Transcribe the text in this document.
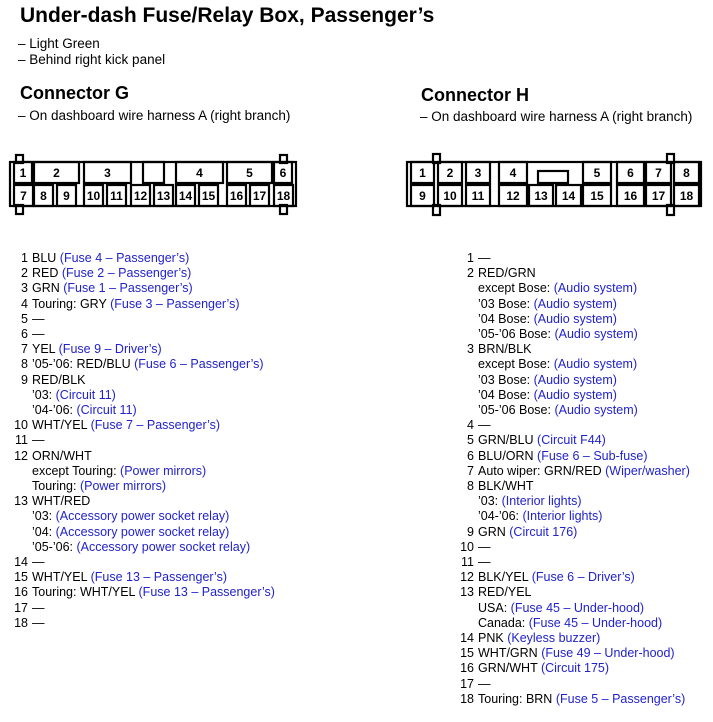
Under-dash Fuse/Relay Box, Passenger’s
– Light Green
– Behind right kick panel
Connector G
– On dashboard wire harness A (right branch)
Connector H
– On dashboard wire harness A (right branch)
1 2	3	4	5 6
7 8 9 10 11 12 13 14 15 16 17 18
1 2 3 4	5 6 7 8
9 10 11 12 13 14 15 16 17 18
1 BLU (Fuse 4 – Passenger’s)
2 RED (Fuse 2 – Passenger’s)
3 GRN (Fuse 1 – Passenger’s)
4 Touring: GRY (Fuse 3 – Passenger’s)
5 —
6 —
7 YEL (Fuse 9 – Driver’s)
8 ’05-’06: RED/BLU (Fuse 6 – Passenger’s)
9 RED/BLK
’03: (Circuit 11)
’04-’06: (Circuit 11)
10 WHT/YEL (Fuse 7 – Passenger’s)
11 —
12 ORN/WHT
except Touring: (Power mirrors)
Touring: (Power mirrors)
13 WHT/RED
’03: (Accessory power socket relay)
’04: (Accessory power socket relay)
’05-’06: (Accessory power socket relay)
14 —
15 WHT/YEL (Fuse 13 – Passenger’s)
16 Touring: WHT/YEL (Fuse 13 – Passenger’s)
17 —
18 —
1 —
2 RED/GRN
except Bose: (Audio system)
’03 Bose: (Audio system)
’04 Bose: (Audio system)
’05-’06 Bose: (Audio system)
3 BRN/BLK
except Bose: (Audio system)
’03 Bose: (Audio system)
’04 Bose: (Audio system)
’05-’06 Bose: (Audio system)
4 —
5 GRN/BLU (Circuit F44)
6 BLU/ORN (Fuse 6 – Sub-fuse)
7 Auto wiper: GRN/RED (Wiper/washer)
8 BLK/WHT
’03: (Interior lights)
’04-’06: (Interior lights)
9 GRN (Circuit 176)
10 —
11 —
12 BLK/YEL (Fuse 6 – Driver’s)
13 RED/YEL
USA: (Fuse 45 – Under-hood)
Canada: (Fuse 45 – Under-hood)
14 PNK (Keyless buzzer)
15 WHT/GRN (Fuse 49 – Under-hood)
16 GRN/WHT (Circuit 175)
17 —
18 Touring: BRN (Fuse 5 – Passenger’s)
